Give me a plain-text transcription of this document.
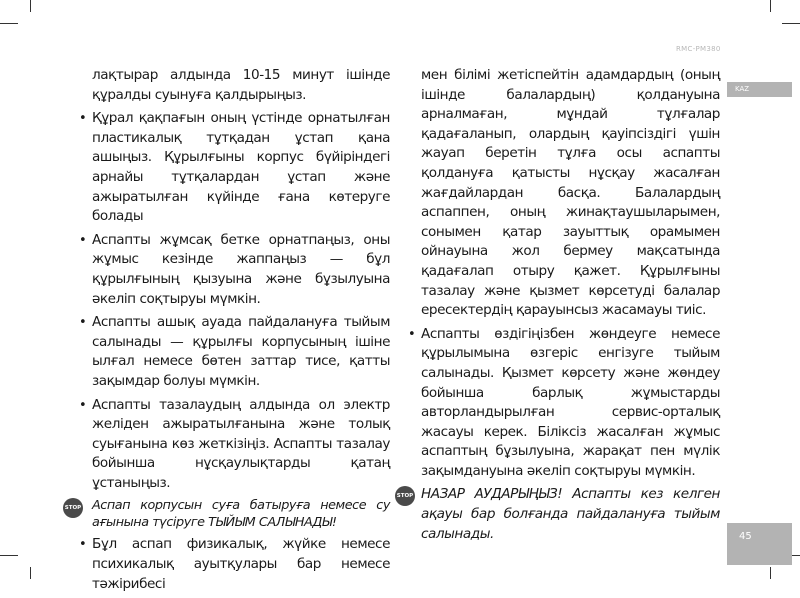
RMC-PM380
KAZ
45

лақтырар алдында 10-15 минут ішінде құралды суынуға қалдырыңыз.

• Құрал қақпағын оның үстінде орнатылған пластикалық тұтқадан ұстап қана ашыңыз. Құрылғыны корпус бүйіріндегі арнайы тұтқалардан ұстап және ажыратылған күйінде ғана көтеруге болады
• Аспапты жұмсақ бетке орнатпаңыз, оны жұмыс кезінде жаппаңыз — бұл құрылғының қызуына және бұзылуына әкеліп соқтыруы мүмкін.
• Аспапты ашық ауада пайдалануға тыйым салынады — құрылғы корпусының ішіне ылғал немесе бөтен заттар тисе, қатты зақымдар болуы мүмкін.
• Аспапты тазалаудың алдында ол электр желіден ажыратылғанына және толық суығанына көз жеткізіңіз. Аспапты тазалау бойынша нұсқаулықтарды қатаң ұстаныңыз.
STOP Аспап корпусын суға батыруға немесе су ағынына түсіруге ТЫЙЫМ САЛЫНАДЫ!
• Бұл аспап физикалық, жүйке немесе психикалық ауытқулары бар немесе тәжірибесі

мен білімі жетіспейтін адамдардың (оның ішінде балалардың) қолдануына арналмаған, мұндай тұлғалар қадағаланып, олардың қауіпсіздігі үшін жауап беретін тұлға осы аспапты қолдануға қатысты нұсқау жасалған жағдайлардан басқа. Балалардың аспаппен, оның жинақтаушыларымен, сонымен қатар зауыттық орамымен ойнауына жол бермеу мақсатында қадағалап отыру қажет. Құрылғыны тазалау және қызмет көрсетуді балалар ересектердің қарауынсыз жасамауы тиіс.

• Аспапты өздігіңізбен жөндеуге немесе құрылымына өзгеріс енгізуге тыйым салынады. Қызмет көрсету және жөндеу бойынша барлық жұмыстарды авторландырылған сервис-орталық жасауы керек. Біліксіз жасалған жұмыс аспаптың бұзылуына, жарақат пен мүлік зақымдануына әкеліп соқтыруы мүмкін.
STOP НАЗАР АУДАРЫҢЫЗ! Аспапты кез келген ақауы бар болғанда пайдалануға тыйым салынады.
